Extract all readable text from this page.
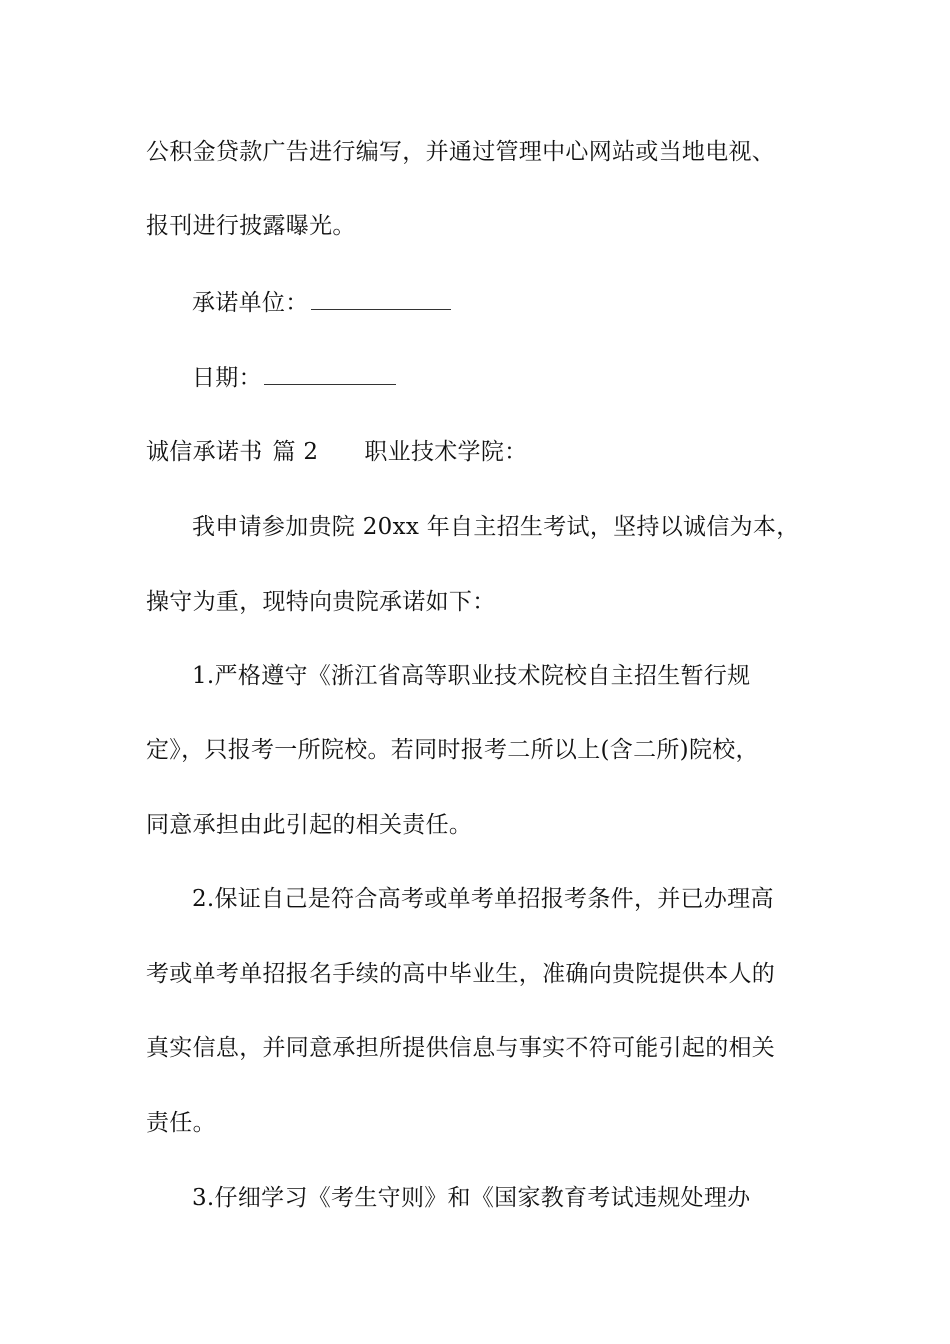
公积金贷款广告进行编写，并通过管理中心网站或当地电视、
报刊进行披露曝光。
承诺单位：
日期：
诚信承诺书 篇 2 职业技术学院：
我申请参加贵院 20xx 年自主招生考试，坚持以诚信为本，
操守为重，现特向贵院承诺如下：
1.严格遵守《浙江省高等职业技术院校自主招生暂行规
定》，只报考一所院校。若同时报考二所以上(含二所)院校，
同意承担由此引起的相关责任。
2.保证自己是符合高考或单考单招报考条件，并已办理高
考或单考单招报名手续的高中毕业生，准确向贵院提供本人的
真实信息，并同意承担所提供信息与事实不符可能引起的相关
责任。
3.仔细学习《考生守则》和《国家教育考试违规处理办
